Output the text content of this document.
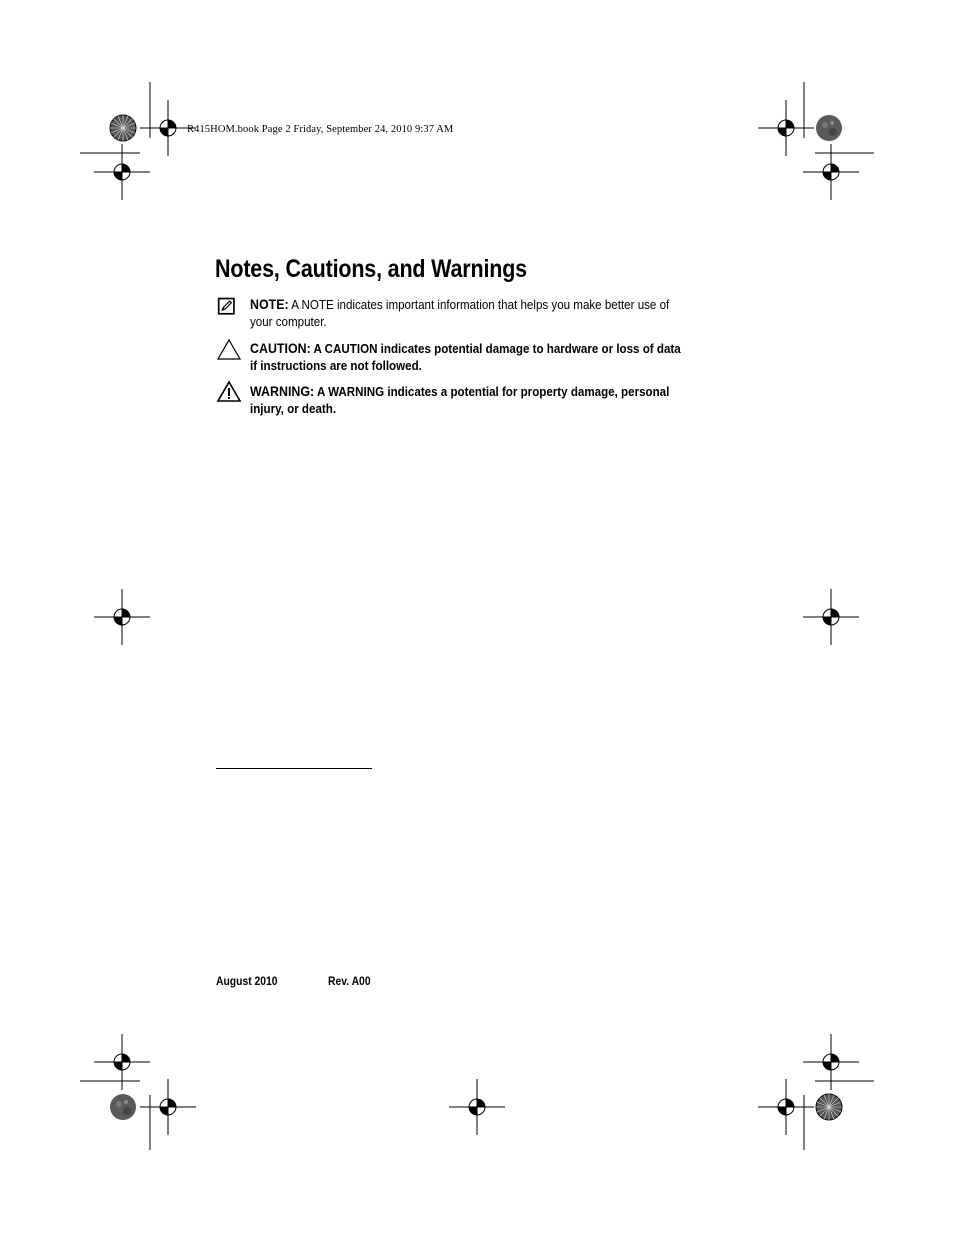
R415HOM.book Page 2 Friday, September 24, 2010 9:37 AM
Notes, Cautions, and Warnings
NOTE: A NOTE indicates important information that helps you make better use of your computer.
CAUTION: A CAUTION indicates potential damage to hardware or loss of data if instructions are not followed.
WARNING: A WARNING indicates a potential for property damage, personal injury, or death.
August 2010	Rev. A00
